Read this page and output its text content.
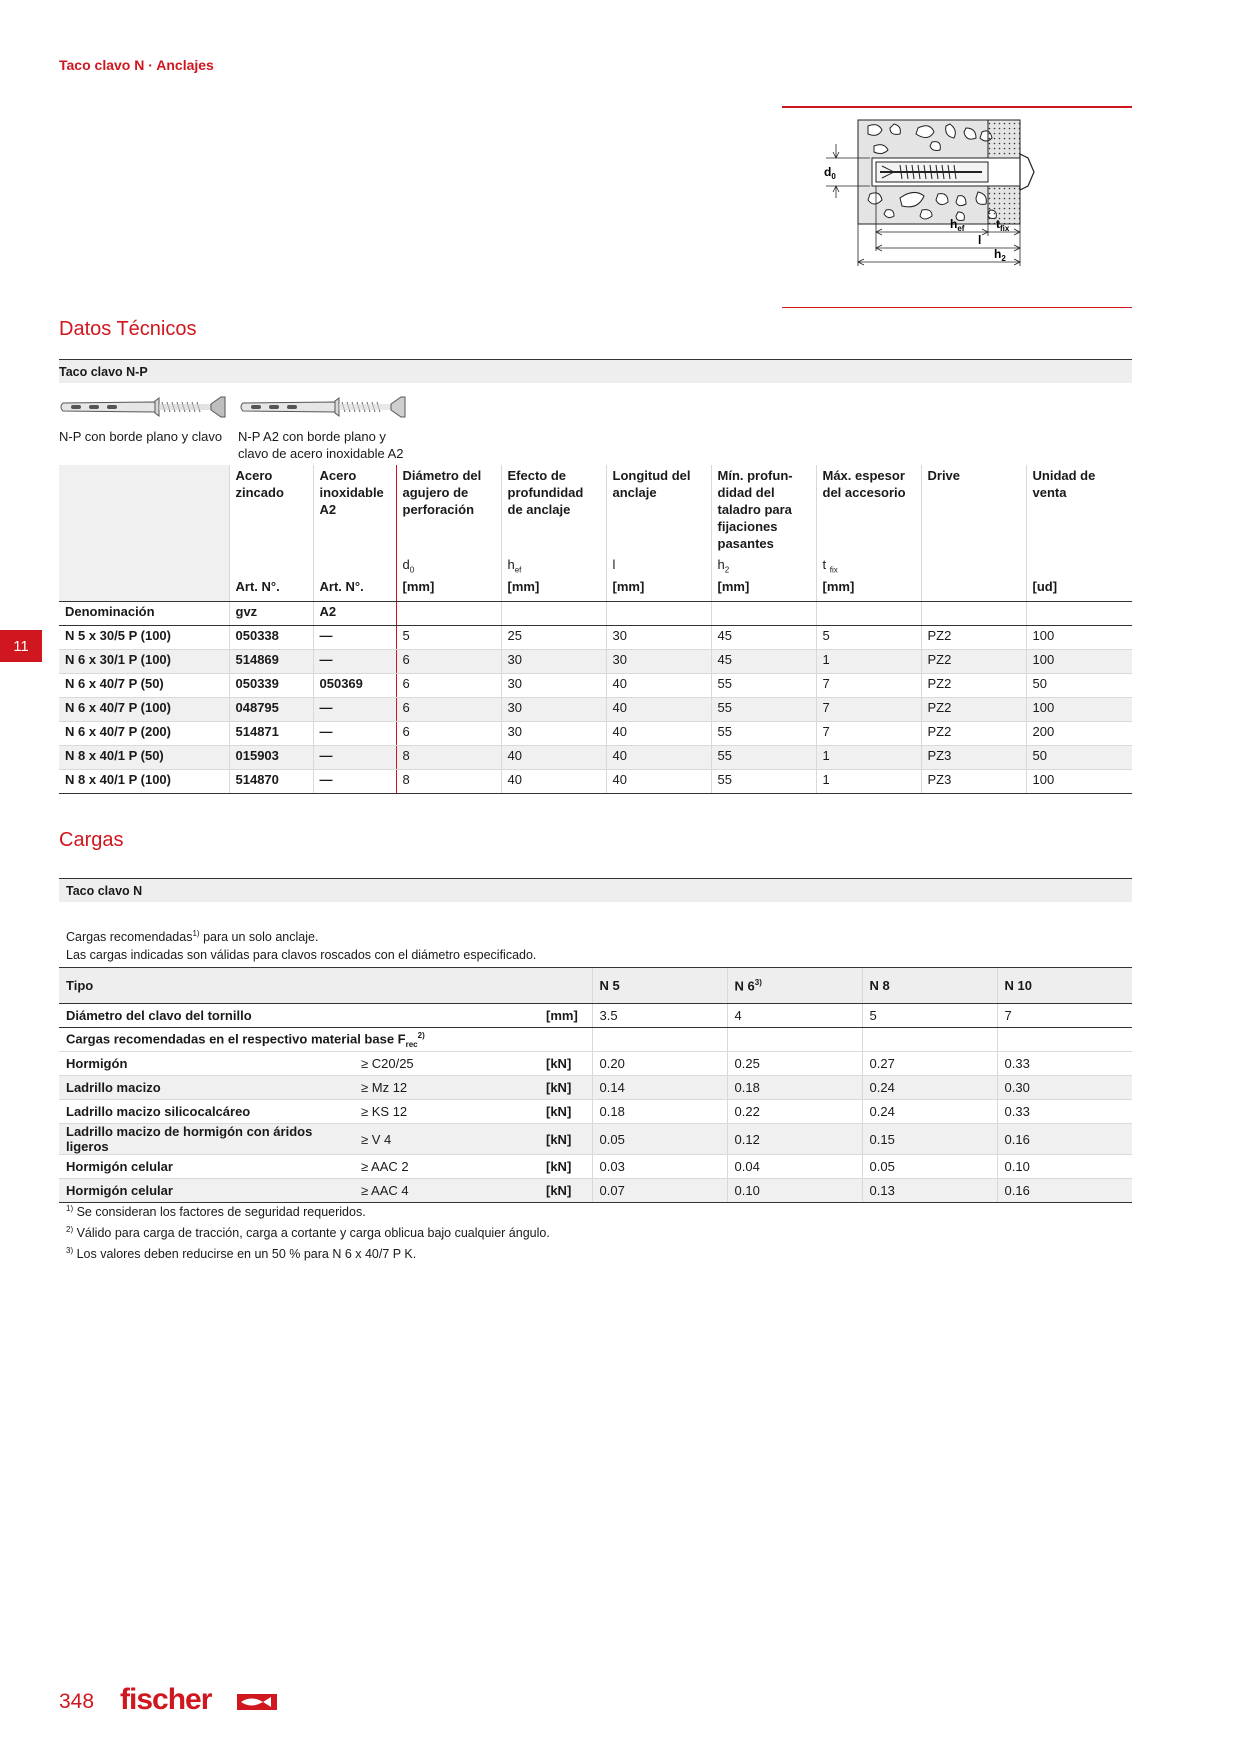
Taco clavo N · Anclajes
$d_0$
$h_{ef}$	$t_{fix}$
l
$h_2$
Datos Técnicos
Taco clavo N-P
N-P con borde plano y clavo N-P A2 con borde plano y
clavo de acero inoxidable A2
	Acero zincado	Acero inoxidable A2	Diámetro del agujero de perforación	Efecto de profundidad de anclaje	Longitud del anclaje	Mín. profun- didad del taladro para fijaciones pasantes	Máx. espesor del accesorio	Drive	Unidad de venta
			$d_0$	$h_{ef}$	l	$h_2$	t $_{fix}$		
	Art. N°.	Art. N°.	[mm]	[mm]	[mm]	[mm]	[mm]		[ud]
Denominación	gvz	A2							
N 5 x 30/5 P (100)	050338	—	5	25	30	45	5	PZ2	100
N 6 x 30/1 P (100)	514869	—	6	30	30	45	1	PZ2	100
N 6 x 40/7 P (50)	050339	050369	6	30	40	55	7	PZ2	50
N 6 x 40/7 P (100)	048795	—	6	30	40	55	7	PZ2	100
N 6 x 40/7 P (200)	514871	—	6	30	40	55	7	PZ2	200
N 8 x 40/1 P (50)	015903	—	8	40	40	55	1	PZ3	50
N 8 x 40/1 P (100)	514870	—	8	40	40	55	1	PZ3	100
11
Cargas
Taco clavo N
Cargas recomendadas$^{1)}$ para un solo anclaje.
Las cargas indicadas son válidas para clavos roscados con el diámetro especificado.
Tipo			N 5	N 6$^{3)}$	N 8	N 10
Diámetro del clavo del tornillo		[mm]	3.5	4	5	7
Cargas recomendadas en el respectivo material base $F_{rec}^{2)}$				
Hormigón	≥ C20/25	[kN]	0.20	0.25	0.27	0.33
Ladrillo macizo	≥ Mz 12	[kN]	0.14	0.18	0.24	0.30
Ladrillo macizo silicocalcáreo	≥ KS 12	[kN]	0.18	0.22	0.24	0.33
Ladrillo macizo de hormigón con áridos ligeros	≥ V 4	[kN]	0.05	0.12	0.15	0.16
Hormigón celular	≥ AAC 2	[kN]	0.03	0.04	0.05	0.10
Hormigón celular	≥ AAC 4	[kN]	0.07	0.10	0.13	0.16
$^{1)}$ Se consideran los factores de seguridad requeridos.
$^{2)}$ Válido para carga de tracción, carga a cortante y carga oblicua bajo cualquier ángulo.
$^{3)}$ Los valores deben reducirse en un 50 % para N 6 x 40/7 P K.
348 fischer
